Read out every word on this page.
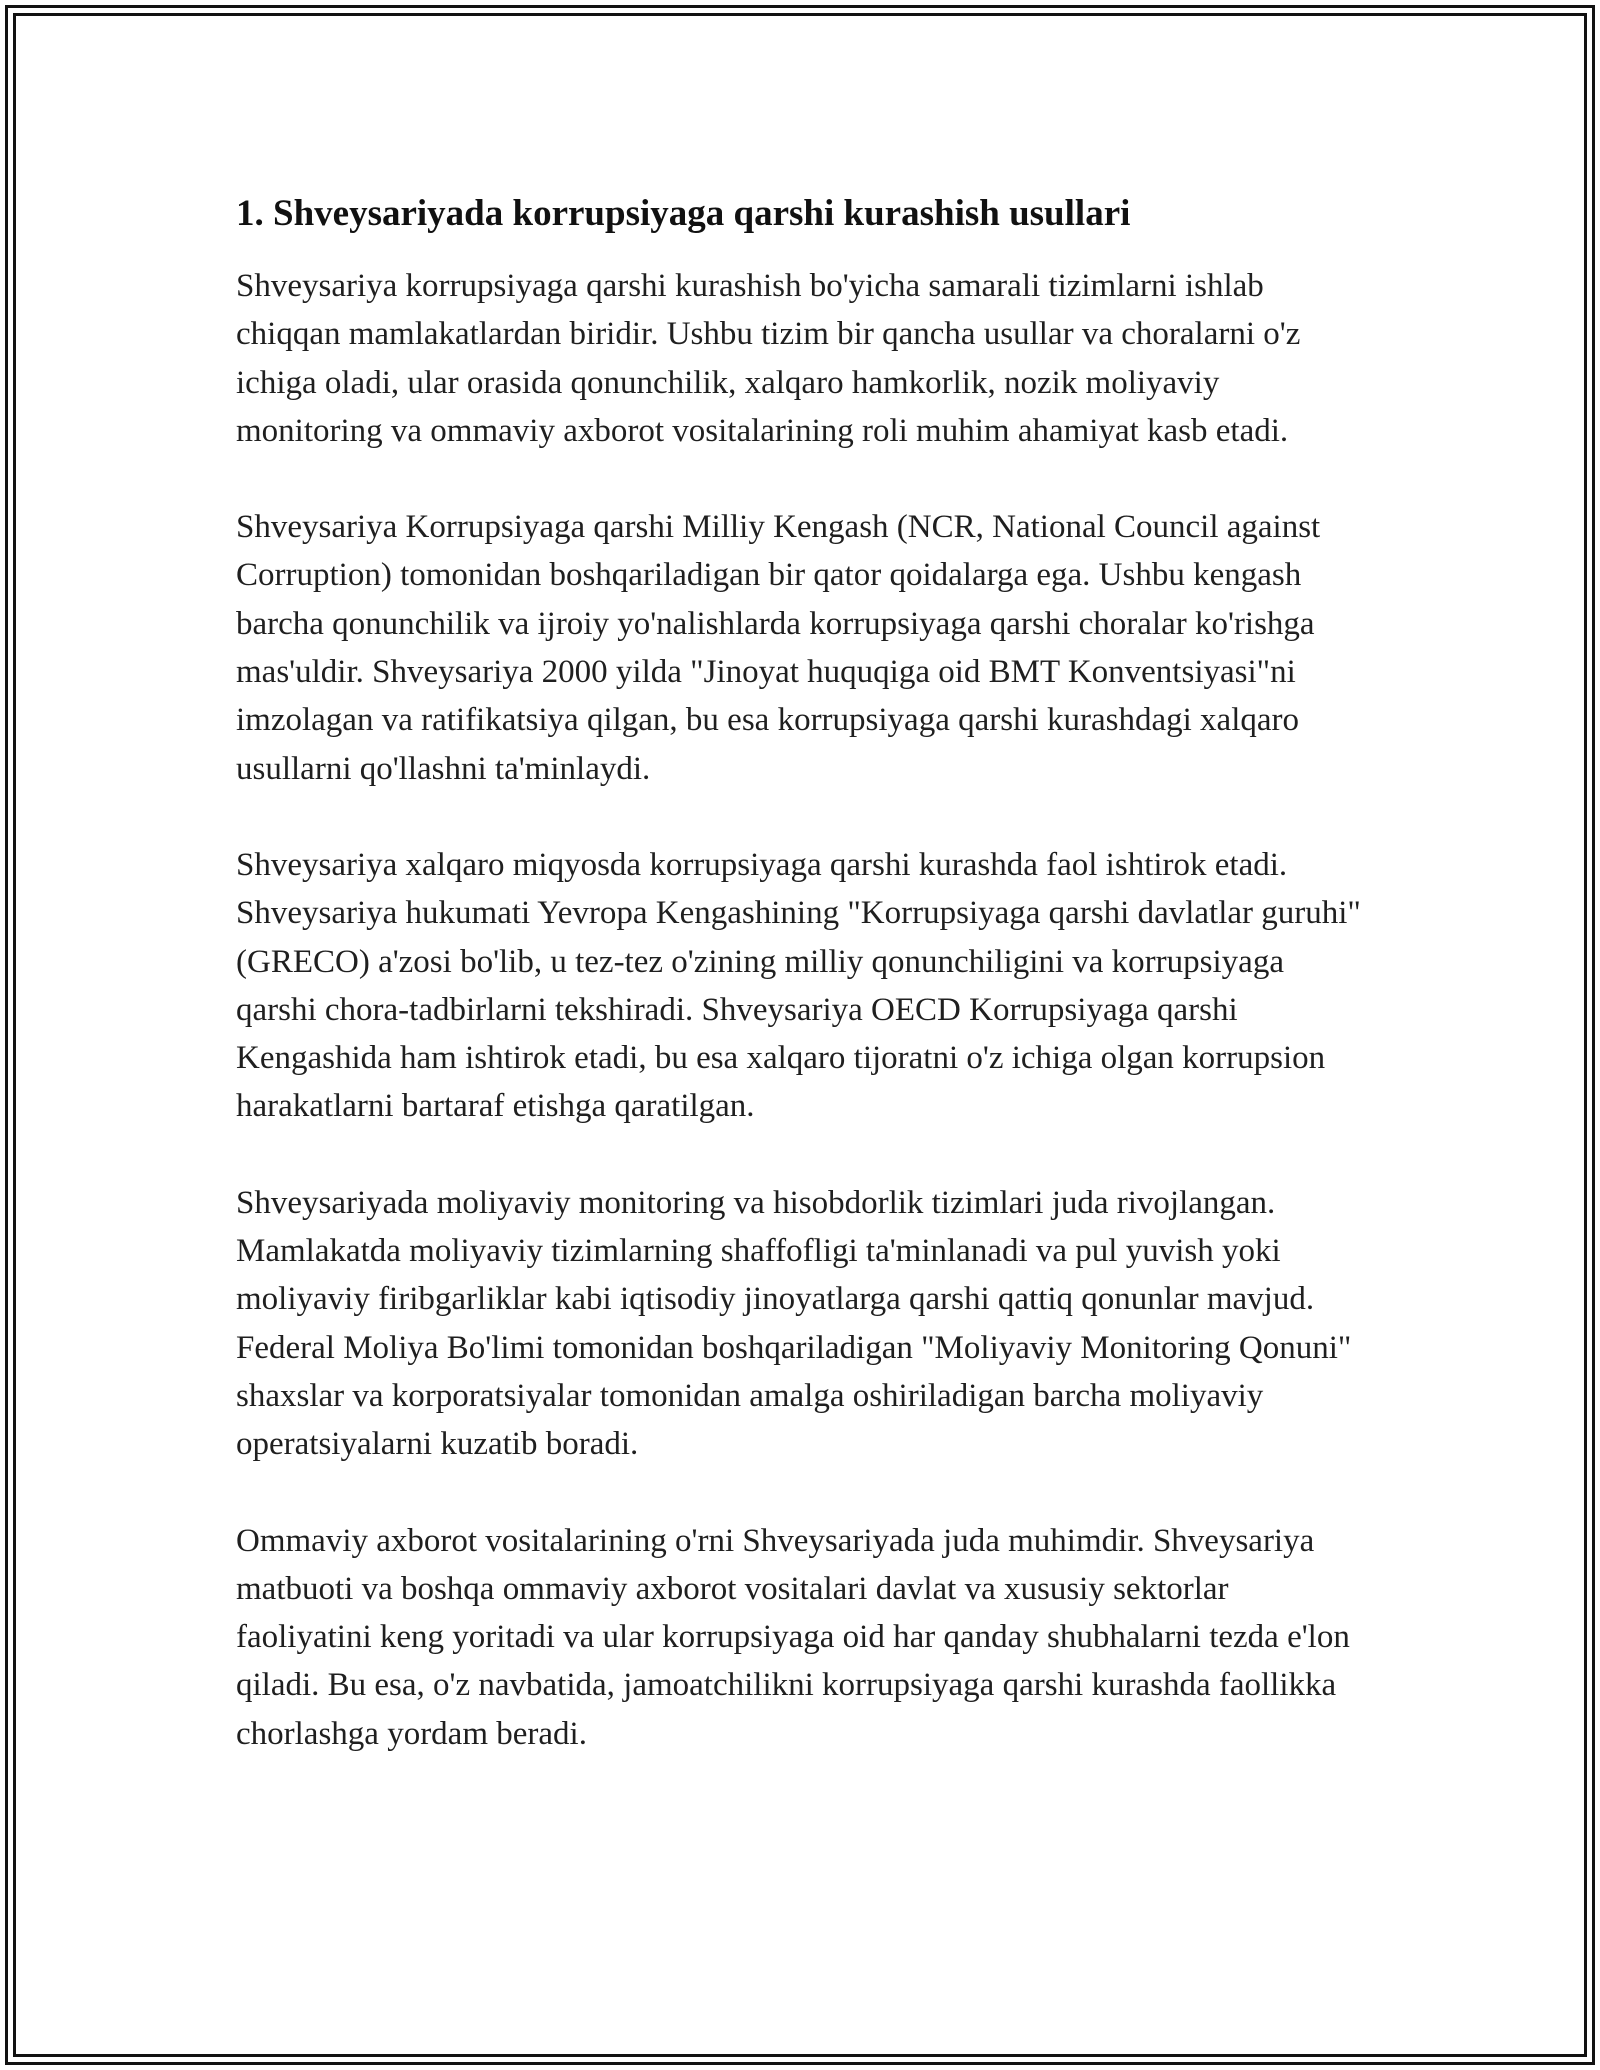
1. Shveysariyada korrupsiyaga qarshi kurashish usullari

Shveysariya korrupsiyaga qarshi kurashish bo'yicha samarali tizimlarni ishlab chiqqan mamlakatlardan biridir. Ushbu tizim bir qancha usullar va choralarni o'z ichiga oladi, ular orasida qonunchilik, xalqaro hamkorlik, nozik moliyaviy monitoring va ommaviy axborot vositalarining roli muhim ahamiyat kasb etadi.

Shveysariya Korrupsiyaga qarshi Milliy Kengash (NCR, National Council against Corruption) tomonidan boshqariladigan bir qator qoidalarga ega. Ushbu kengash barcha qonunchilik va ijroiy yo'nalishlarda korrupsiyaga qarshi choralar ko'rishga mas'uldir. Shveysariya 2000 yilda "Jinoyat huquqiga oid BMT Konventsiyasi"ni imzolagan va ratifikatsiya qilgan, bu esa korrupsiyaga qarshi kurashdagi xalqaro usullarni qo'llashni ta'minlaydi.

Shveysariya xalqaro miqyosda korrupsiyaga qarshi kurashda faol ishtirok etadi. Shveysariya hukumati Yevropa Kengashining "Korrupsiyaga qarshi davlatlar guruhi" (GRECO) a'zosi bo'lib, u tez-tez o'zining milliy qonunchiligini va korrupsiyaga qarshi chora-tadbirlarni tekshiradi. Shveysariya OECD Korrupsiyaga qarshi Kengashida ham ishtirok etadi, bu esa xalqaro tijoratni o'z ichiga olgan korrupsion harakatlarni bartaraf etishga qaratilgan.

Shveysariyada moliyaviy monitoring va hisobdorlik tizimlari juda rivojlangan. Mamlakatda moliyaviy tizimlarning shaffofligi ta'minlanadi va pul yuvish yoki moliyaviy firibgarliklar kabi iqtisodiy jinoyatlarga qarshi qattiq qonunlar mavjud. Federal Moliya Bo'limi tomonidan boshqariladigan "Moliyaviy Monitoring Qonuni" shaxslar va korporatsiyalar tomonidan amalga oshiriladigan barcha moliyaviy operatsiyalarni kuzatib boradi.

Ommaviy axborot vositalarining o'rni Shveysariyada juda muhimdir. Shveysariya matbuoti va boshqa ommaviy axborot vositalari davlat va xususiy sektorlar faoliyatini keng yoritadi va ular korrupsiyaga oid har qanday shubhalarni tezda e'lon qiladi. Bu esa, o'z navbatida, jamoatchilikni korrupsiyaga qarshi kurashda faollikka chorlashga yordam beradi.
